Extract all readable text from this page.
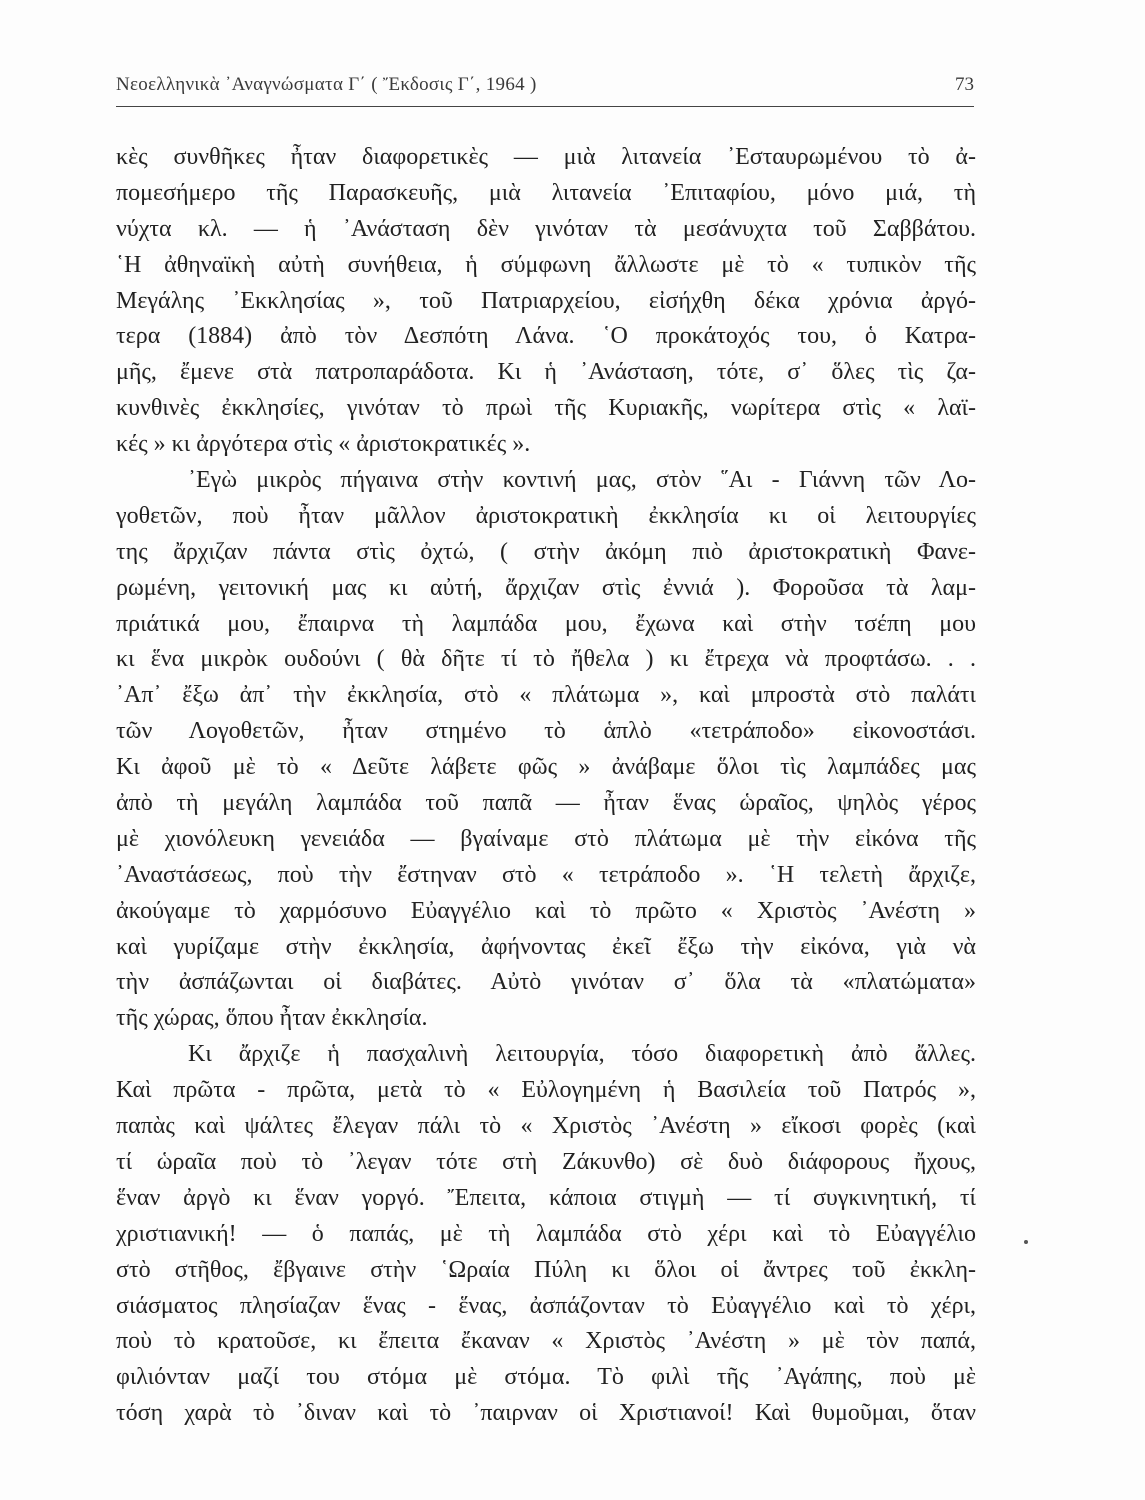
Νεοελληνικὰ ᾿Αναγνώσματα Γ΄ ( Ἔκδοσις Γ΄, 1964 )	73
κὲς συνθῆκες ἦταν διαφορετικὲς — μιὰ λιτανεία ᾿Εσταυρωμένου τὸ ἀ-
πομεσήμερο τῆς Παρασκευῆς, μιὰ λιτανεία ᾿Επιταφίου, μόνο μιά, τὴ
νύχτα κλ. — ἡ ᾿Ανάσταση δὲν γινόταν τὰ μεσάνυχτα τοῦ Σαββάτου.
῾Η ἀθηναϊκὴ αὐτὴ συνήθεια, ἡ σύμφωνη ἄλλωστε μὲ τὸ « τυπικὸν τῆς
Μεγάλης ᾿Εκκλησίας », τοῦ Πατριαρχείου, εἰσήχθη δέκα χρόνια ἀργό-
τερα (1884) ἀπὸ τὸν Δεσπότη Λάνα. ῾Ο προκάτοχός του, ὁ Κατρα-
μῆς, ἔμενε στὰ πατροπαράδοτα. Κι ἡ ᾿Ανάσταση, τότε, σ᾿ ὅλες τὶς ζα-
κυνθινὲς ἐκκλησίες, γινόταν τὸ πρωὶ τῆς Κυριακῆς, νωρίτερα στὶς « λαϊ-
κές » κι ἀργότερα στὶς « ἀριστοκρατικές ».
᾿Εγὼ μικρὸς πήγαινα στὴν κοντινή μας, στὸν ῞Αι - Γιάννη τῶν Λο-
γοθετῶν, ποὺ ἦταν μᾶλλον ἀριστοκρατικὴ ἐκκλησία κι οἱ λειτουργίες
της ἄρχιζαν πάντα στὶς ὀχτώ, ( στὴν ἀκόμη πιὸ ἀριστοκρατικὴ Φανε-
ρωμένη, γειτονική μας κι αὐτή, ἄρχιζαν στὶς ἐννιά ). Φοροῦσα τὰ λαμ-
πριάτικά μου, ἔπαιρνα τὴ λαμπάδα μου, ἔχωνα καὶ στὴν τσέπη μου
κι ἕνα μικρὸκ ουδούνι ( θὰ δῆτε τί τὸ ἤθελα ) κι ἔτρεχα νὰ προφτάσω. . .
᾿Απ᾿ ἔξω ἀπ᾿ τὴν ἐκκλησία, στὸ « πλάτωμα », καὶ μπροστὰ στὸ παλάτι
τῶν Λογοθετῶν, ἦταν στημένο τὸ ἁπλὸ «τετράποδο» εἰκονοστάσι.
Κι ἀφοῦ μὲ τὸ « Δεῦτε λάβετε φῶς » ἀνάβαμε ὅλοι τὶς λαμπάδες μας
ἀπὸ τὴ μεγάλη λαμπάδα τοῦ παπᾶ — ἦταν ἕνας ὡραῖος, ψηλὸς γέρος
μὲ χιονόλευκη γενειάδα — βγαίναμε στὸ πλάτωμα μὲ τὴν εἰκόνα τῆς
᾿Αναστάσεως, ποὺ τὴν ἔστηναν στὸ « τετράποδο ». ῾Η τελετὴ ἄρχιζε,
ἀκούγαμε τὸ χαρμόσυνο Εὐαγγέλιο καὶ τὸ πρῶτο « Χριστὸς ᾿Ανέστη »
καὶ γυρίζαμε στὴν ἐκκλησία, ἀφήνοντας ἐκεῖ ἔξω τὴν εἰκόνα, γιὰ νὰ
τὴν ἀσπάζωνται οἱ διαβάτες. Αὐτὸ γινόταν σ᾿ ὅλα τὰ «πλατώματα»
τῆς χώρας, ὅπου ἦταν ἐκκλησία.
Κι ἄρχιζε ἡ πασχαλινὴ λειτουργία, τόσο διαφορετικὴ ἀπὸ ἄλλες.
Καὶ πρῶτα - πρῶτα, μετὰ τὸ « Εὐλογημένη ἡ Βασιλεία τοῦ Πατρός »,
παπὰς καὶ ψάλτες ἔλεγαν πάλι τὸ « Χριστὸς ᾿Ανέστη » εἴκοσι φορὲς (καὶ
τί ὡραῖα ποὺ τὸ ᾿λεγαν τότε στὴ Ζάκυνθο) σὲ δυὸ διάφορους ἤχους,
ἕναν ἀργὸ κι ἕναν γοργό. Ἔπειτα, κάποια στιγμὴ — τί συγκινητική, τί
χριστιανική! — ὁ παπάς, μὲ τὴ λαμπάδα στὸ χέρι καὶ τὸ Εὐαγγέλιο
στὸ στῆθος, ἔβγαινε στὴν ῾Ωραία Πύλη κι ὅλοι οἱ ἄντρες τοῦ ἐκκλη-
σιάσματος πλησίαζαν ἕνας - ἕνας, ἀσπάζονταν τὸ Εὐαγγέλιο καὶ τὸ χέρι,
ποὺ τὸ κρατοῦσε, κι ἔπειτα ἔκαναν « Χριστὸς ᾿Ανέστη » μὲ τὸν παπά,
φιλιόνταν μαζί του στόμα μὲ στόμα. Τὸ φιλὶ τῆς ᾿Αγάπης, ποὺ μὲ
τόση χαρὰ τὸ ᾿διναν καὶ τὸ ᾿παιρναν οἱ Χριστιανοί! Καὶ θυμοῦμαι, ὅταν
